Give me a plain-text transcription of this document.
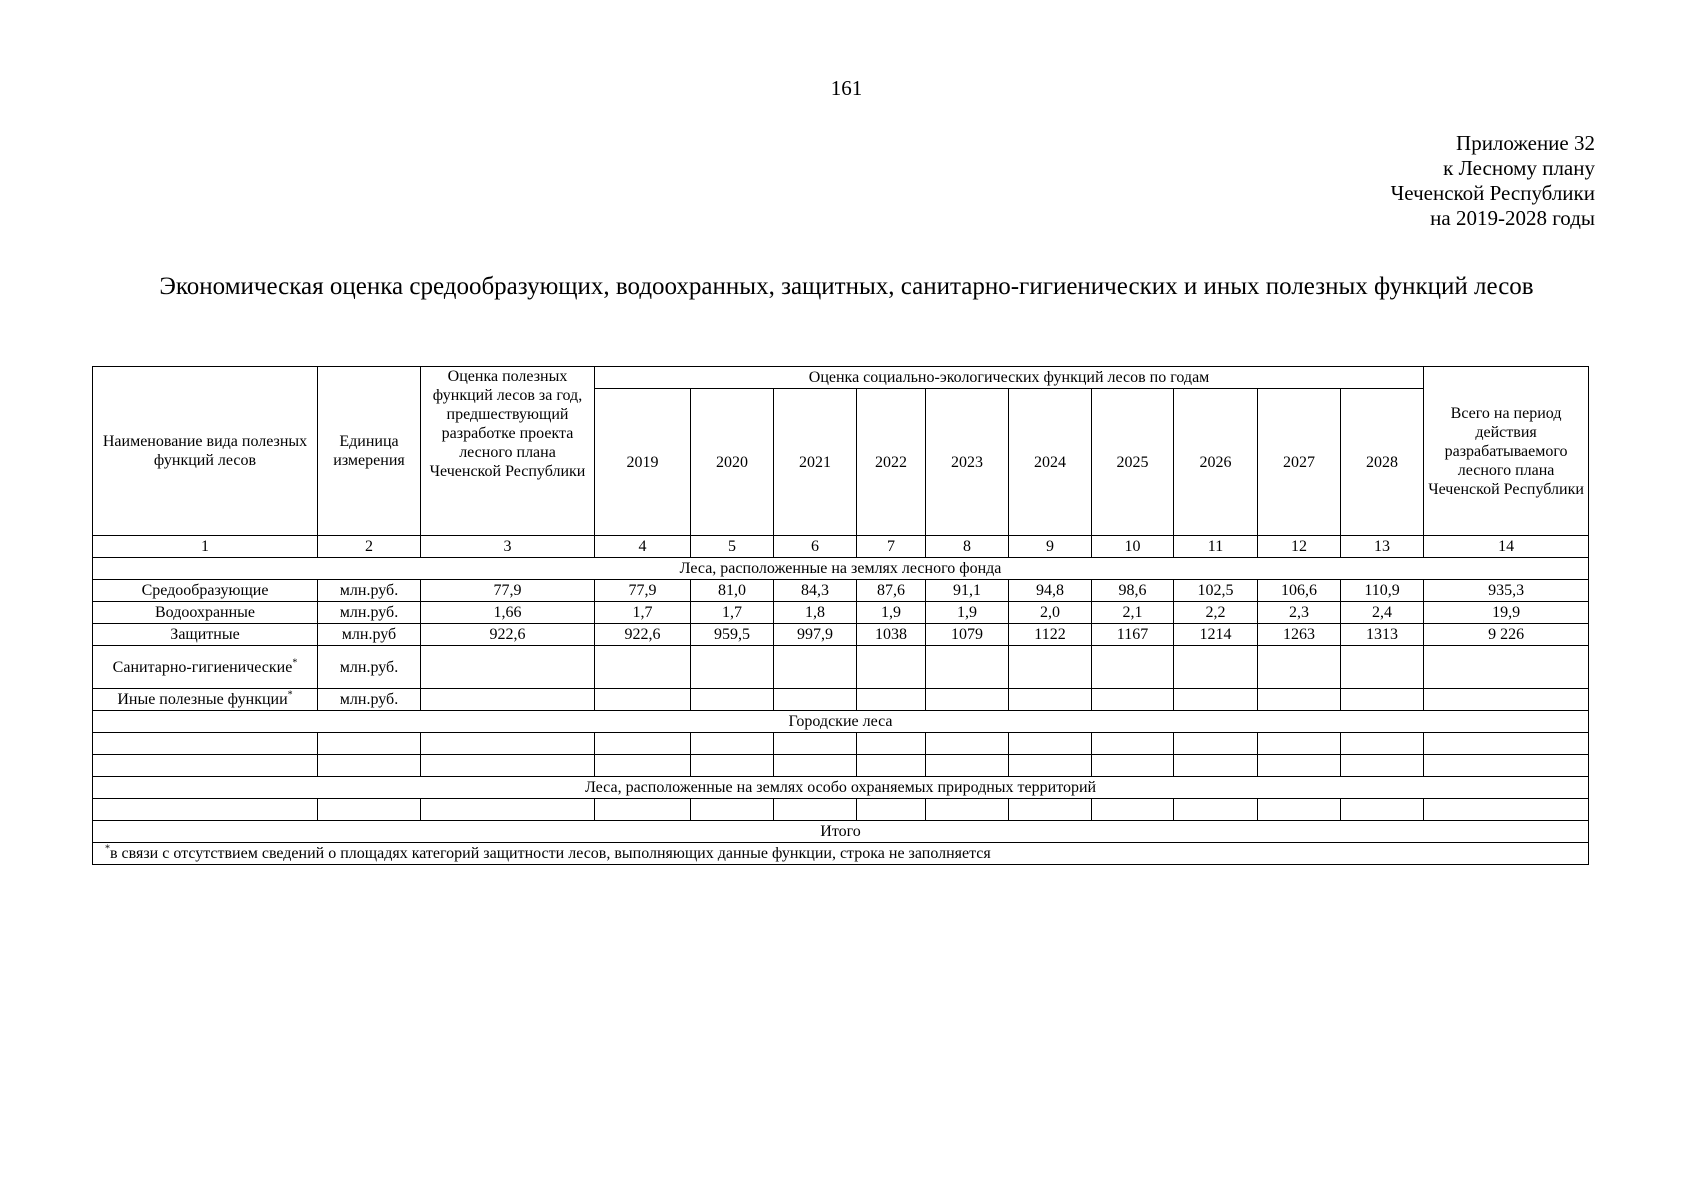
161
Приложение 32
к Лесному плану
Чеченской Республики
на 2019-2028 годы
Экономическая оценка средообразующих, водоохранных, защитных, санитарно-гигиенических и иных полезных функций лесов
Наименование вида полезных функций лесов	Единица измерения	Оценка полезных функций лесов за год, предшествующий разработке проекта лесного плана Чеченской Республики	Оценка социально-экологических функций лесов по годам										Всего на период действия разрабатываемого лесного плана Чеченской Республики
			2019	2020	2021	2022	2023	2024	2025	2026	2027	2028	
1	2	3	4	5	6	7	8	9	10	11	12	13	14
Леса, расположенные на землях лесного фонда													
Средообразующие	млн.руб.	77,9	77,9	81,0	84,3	87,6	91,1	94,8	98,6	102,5	106,6	110,9	935,3
Водоохранные	млн.руб.	1,66	1,7	1,7	1,8	1,9	1,9	2,0	2,1	2,2	2,3	2,4	19,9
Защитные	млн.руб	922,6	922,6	959,5	997,9	1038	1079	1122	1167	1214	1263	1313	9 226
Санитарно-гигиенические*	млн.руб.												
Иные полезные функции*	млн.руб.												
Городские леса													

Леса, расположенные на землях особо охраняемых природных территорий													

Итого													
*в связи с отсутствием сведений о площадях категорий защитности лесов, выполняющих данные функции, строка не заполняется													
